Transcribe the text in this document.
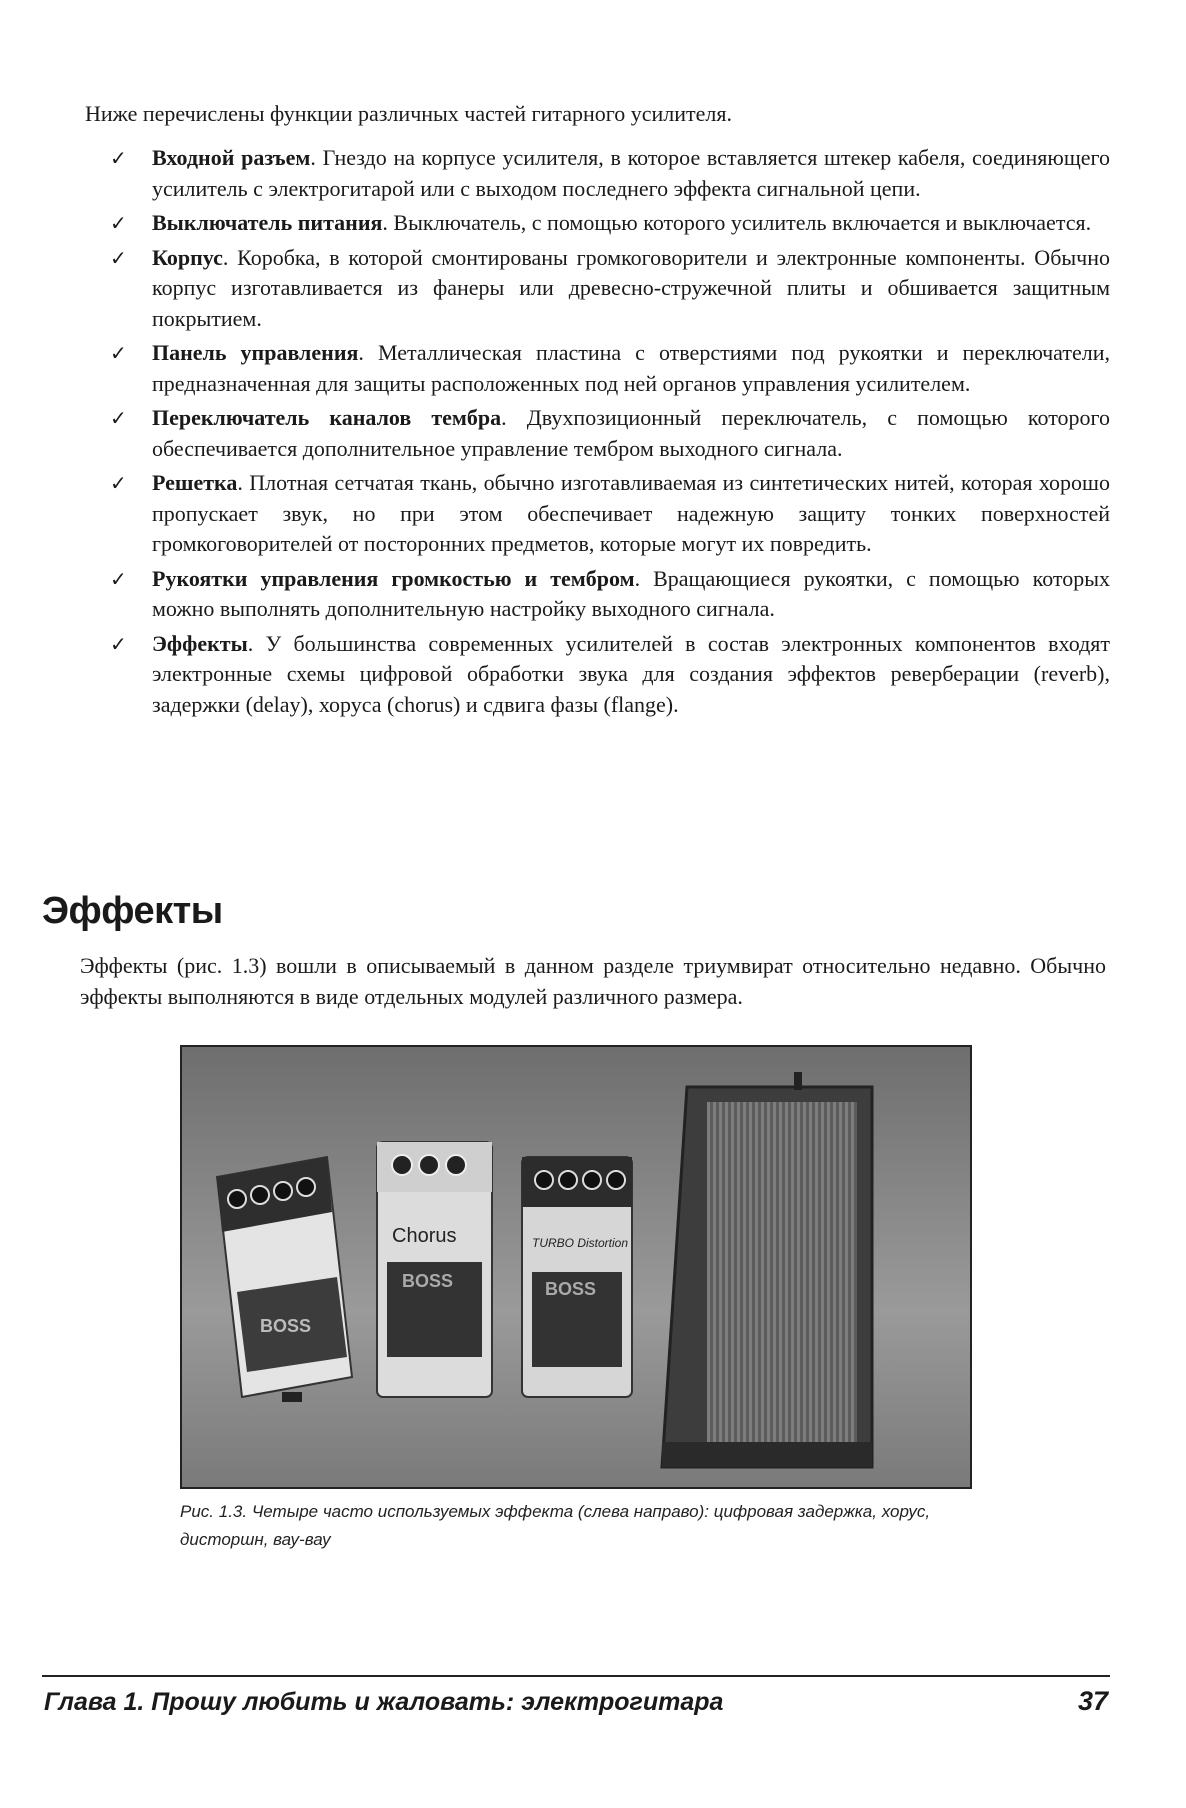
Ниже перечислены функции различных частей гитарного усилителя.
✓ Входной разъем. Гнездо на корпусе усилителя, в которое вставляется штекер кабеля, соединяющего усилитель с электрогитарой или с выходом последнего эффекта сигнальной цепи.
✓ Выключатель питания. Выключатель, с помощью которого усилитель включается и выключается.
✓ Корпус. Коробка, в которой смонтированы громкоговорители и электронные компоненты. Обычно корпус изготавливается из фанеры или древесно-стружечной плиты и обшивается защитным покрытием.
✓ Панель управления. Металлическая пластина с отверстиями под рукоятки и переключатели, предназначенная для защиты расположенных под ней органов управления усилителем.
✓ Переключатель каналов тембра. Двухпозиционный переключатель, с помощью которого обеспечивается дополнительное управление тембром выходного сигнала.
✓ Решетка. Плотная сетчатая ткань, обычно изготавливаемая из синтетических нитей, которая хорошо пропускает звук, но при этом обеспечивает надежную защиту тонких поверхностей громкоговорителей от посторонних предметов, которые могут их повредить.
✓ Рукоятки управления громкостью и тембром. Вращающиеся рукоятки, с помощью которых можно выполнять дополнительную настройку выходного сигнала.
✓ Эффекты. У большинства современных усилителей в состав электронных компонентов входят электронные схемы цифровой обработки звука для создания эффектов реверберации (reverb), задержки (delay), хоруса (chorus) и сдвига фазы (flange).
Эффекты
Эффекты (рис. 1.3) вошли в описываемый в данном разделе триумвират относительно недавно. Обычно эффекты выполняются в виде отдельных модулей различного размера.
BOSS
Chorus
BOSS
TURBO Distortion
BOSS
Рис. 1.3. Четыре часто используемых эффекта (слева направо): цифровая задержка, хорус, дисторшн, вау-вау
Глава 1. Прошу любить и жаловать: электрогитара	37
